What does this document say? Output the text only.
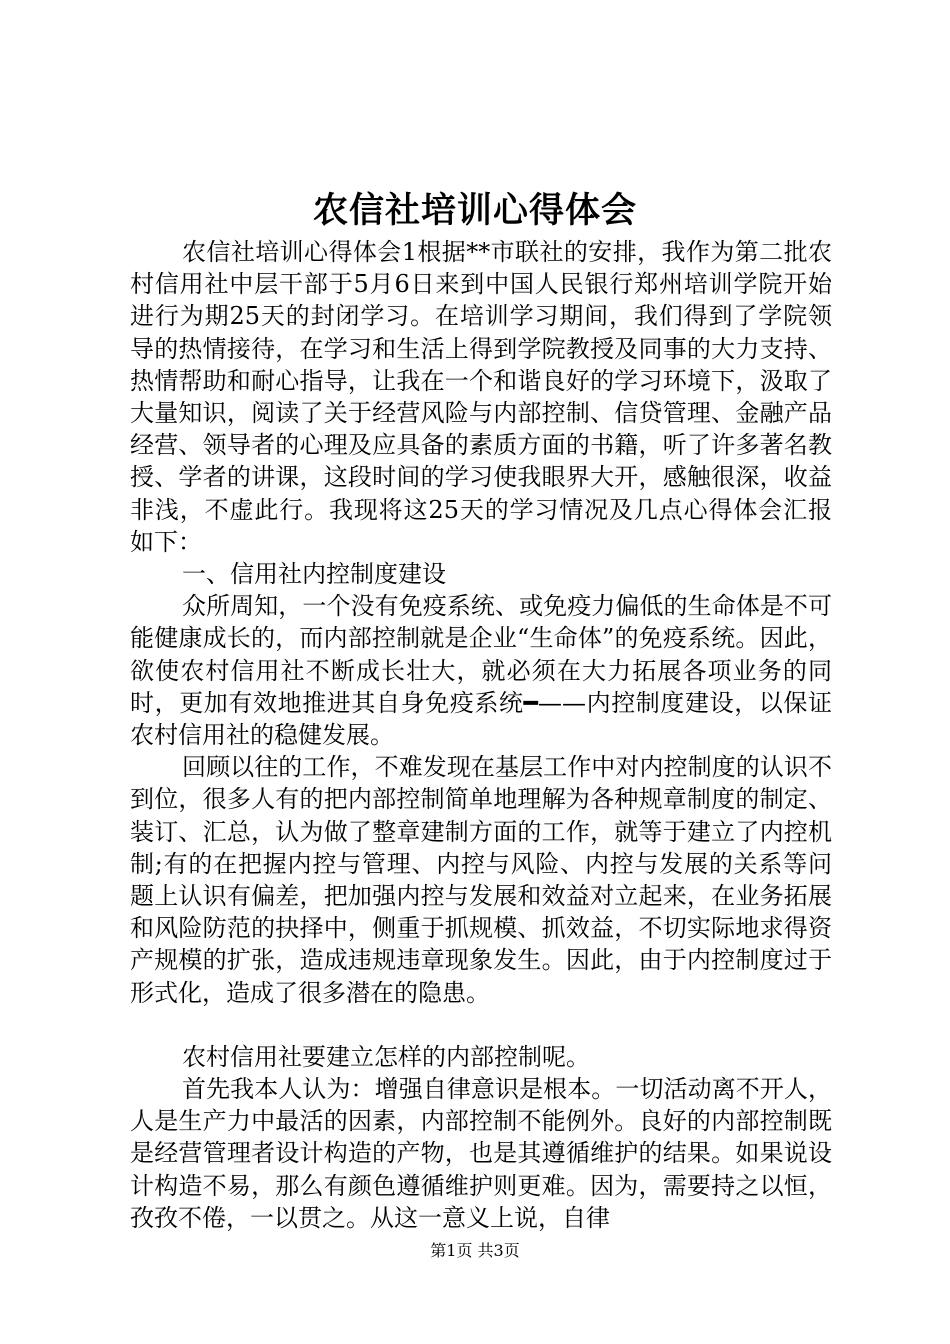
农信社培训心得体会

农信社培训心得体会1根据**市联社的安排，我作为第二批农村信用社中层干部于5月6日来到中国人民银行郑州培训学院开始进行为期25天的封闭学习。在培训学习期间，我们得到了学院领导的热情接待，在学习和生活上得到学院教授及同事的大力支持、热情帮助和耐心指导，让我在一个和谐良好的学习环境下，汲取了大量知识，阅读了关于经营风险与内部控制、信贷管理、金融产品经营、领导者的心理及应具备的素质方面的书籍，听了许多著名教授、学者的讲课，这段时间的学习使我眼界大开，感触很深，收益非浅，不虚此行。我现将这25天的学习情况及几点心得体会汇报如下：

一、信用社内控制度建设

众所周知，一个没有免疫系统、或免疫力偏低的生命体是不可能健康成长的，而内部控制就是企业“生命体”的免疫系统。因此，欲使农村信用社不断成长壮大，就必须在大力拓展各项业务的同时，更加有效地推进其自身免疫系统━——内控制度建设，以保证农村信用社的稳健发展。

回顾以往的工作，不难发现在基层工作中对内控制度的认识不到位，很多人有的把内部控制简单地理解为各种规章制度的制定、装订、汇总，认为做了整章建制方面的工作，就等于建立了内控机制;有的在把握内控与管理、内控与风险、内控与发展的关系等问题上认识有偏差，把加强内控与发展和效益对立起来，在业务拓展和风险防范的抉择中，侧重于抓规模、抓效益，不切实际地求得资产规模的扩张，造成违规违章现象发生。因此，由于内控制度过于形式化，造成了很多潜在的隐患。

农村信用社要建立怎样的内部控制呢。

首先我本人认为：增强自律意识是根本。一切活动离不开人，人是生产力中最活的因素，内部控制不能例外。良好的内部控制既是经营管理者设计构造的产物，也是其遵循维护的结果。如果说设计构造不易，那么有颜色遵循维护则更难。因为，需要持之以恒，孜孜不倦，一以贯之。从这一意义上说，自律

第1页 共3页
